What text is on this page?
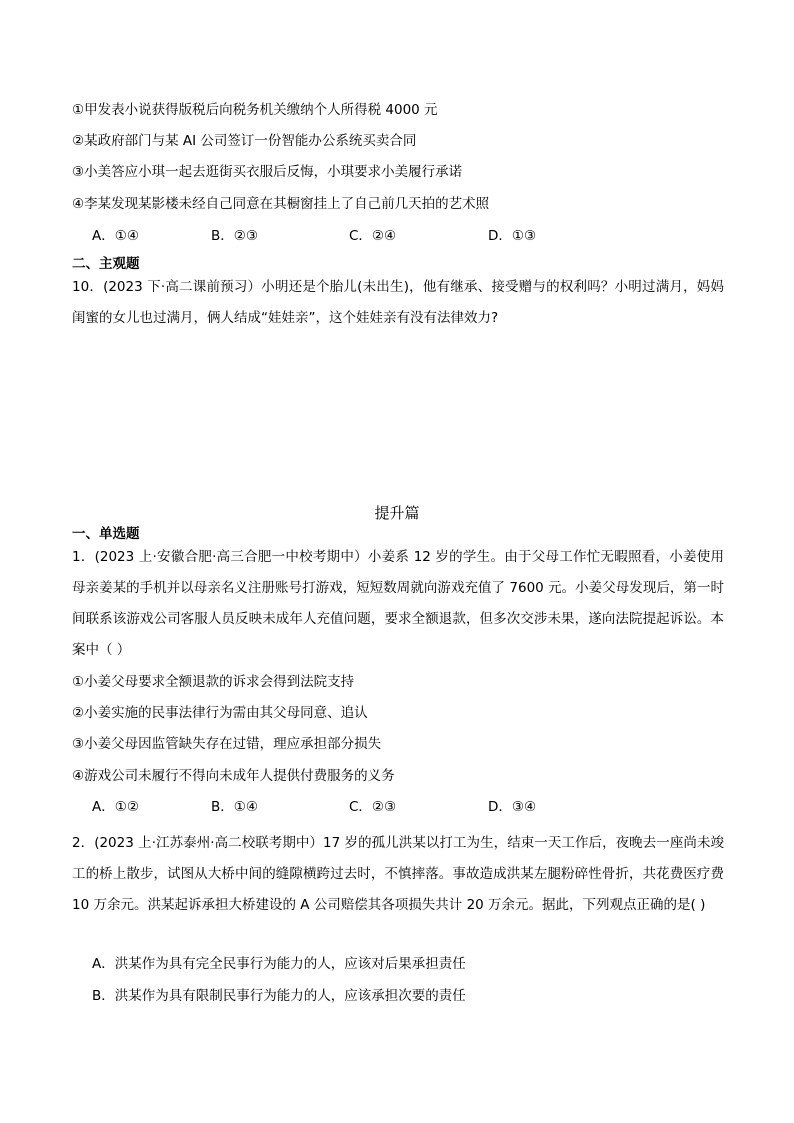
①甲发表小说获得版税后向税务机关缴纳个人所得税 4000 元
②某政府部门与某 AI 公司签订一份智能办公系统买卖合同
③小美答应小琪一起去逛街买衣服后反悔，小琪要求小美履行承诺
④李某发现某影楼未经自己同意在其橱窗挂上了自己前几天拍的艺术照
A．①④	B．②③	C．②④	D．①③
二、主观题
10．(2023 下·高二课前预习）小明还是个胎儿(未出生)，他有继承、接受赠与的权利吗？小明过满月，妈妈闺蜜的女儿也过满月，俩人结成“娃娃亲”，这个娃娃亲有没有法律效力?
提升篇
一、单选题
1．(2023 上·安徽合肥·高三合肥一中校考期中）小姜系 12 岁的学生。由于父母工作忙无暇照看，小姜使用母亲姜某的手机并以母亲名义注册账号打游戏，短短数周就向游戏充值了 7600 元。小姜父母发现后，第一时间联系该游戏公司客服人员反映未成年人充值问题，要求全额退款，但多次交涉未果，遂向法院提起诉讼。本案中（ ）
①小姜父母要求全额退款的诉求会得到法院支持
②小姜实施的民事法律行为需由其父母同意、追认
③小姜父母因监管缺失存在过错，理应承担部分损失
④游戏公司未履行不得向未成年人提供付费服务的义务
A．①②	B．①④	C．②③	D．③④
2．(2023 上·江苏泰州·高二校联考期中）17 岁的孤儿洪某以打工为生，结束一天工作后，夜晚去一座尚未竣工的桥上散步，试图从大桥中间的缝隙横跨过去时，不慎摔落。事故造成洪某左腿粉碎性骨折，共花费医疗费 10 万余元。洪某起诉承担大桥建设的 A 公司赔偿其各项损失共计 20 万余元。据此，下列观点正确的是( )
A．洪某作为具有完全民事行为能力的人，应该对后果承担责任
B．洪某作为具有限制民事行为能力的人，应该承担次要的责任
